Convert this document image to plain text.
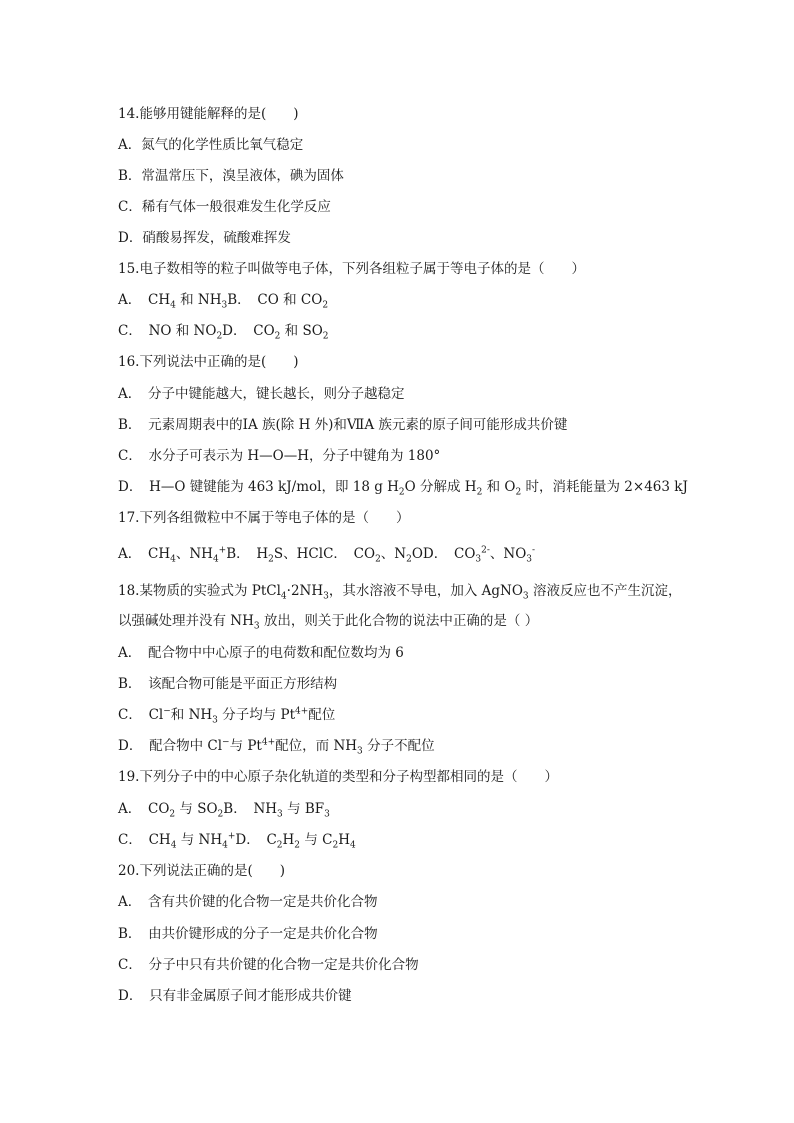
14.能够用键能解释的是(　　)
A．氮气的化学性质比氧气稳定
B．常温常压下，溴呈液体，碘为固体
C．稀有气体一般很难发生化学反应
D．硝酸易挥发，硫酸难挥发
15.电子数相等的粒子叫做等电子体，下列各组粒子属于等电子体的是（　　）
A．　$CH_4$ 和 $NH_3B$．　CO 和 $CO_2$
C．　NO 和 $NO_2D$．　$CO_2$ 和 $SO_2$
16.下列说法中正确的是(　　)
A．　分子中键能越大，键长越长，则分子越稳定
B．　元素周期表中的ⅠA 族(除 H 外)和ⅦA 族元素的原子间可能形成共价键
C．　水分子可表示为 H—O—H，分子中键角为 180°
D．　H—O 键键能为 463 kJ/mol，即 18 g $H_2O$ 分解成 $H_2$ 和 $O_2$ 时，消耗能量为 2×463 kJ
17.下列各组微粒中不属于等电子体的是（　　）
A．　$CH_4$、$NH_4^+B$．　$H_2S$、HClC．　$CO_2$、$N_2OD$．　$CO_3^{2-}$、$NO_3^-$
18.某物质的实验式为 $PtCl_4\cdot 2NH_3$，其水溶液不导电，加入 AgNO$_3$ 溶液反应也不产生沉淀，
以强碱处理并没有 $NH_3$ 放出，则关于此化合物的说法中正确的是（ ）
A．　配合物中中心原子的电荷数和配位数均为 6
B．　该配合物可能是平面正方形结构
C．　Cl−和 $NH_3$ 分子均与 $Pt^{4+}$配位
D．　配合物中 Cl−与 $Pt^{4+}$配位，而 $NH_3$ 分子不配位
19.下列分子中的中心原子杂化轨道的类型和分子构型都相同的是（　　）
A．　$CO_2$ 与 $SO_2B$．　$NH_3$ 与 $BF_3$
C．　$CH_4$ 与 $NH_4^+D$．　$C_2H_2$ 与 $C_2H_4$
20.下列说法正确的是(　　)
A．　含有共价键的化合物一定是共价化合物
B．　由共价键形成的分子一定是共价化合物
C．　分子中只有共价键的化合物一定是共价化合物
D．　只有非金属原子间才能形成共价键
